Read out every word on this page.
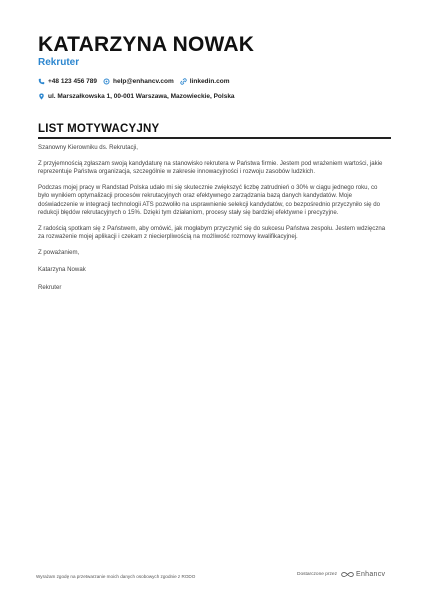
KATARZYNA NOWAK
Rekruter
+48 123 456 789 help@enhancv.com linkedin.com
ul. Marszałkowska 1, 00-001 Warszawa, Mazowieckie, Polska
LIST MOTYWACYJNY

Szanowny Kierowniku ds. Rekrutacji,

Z przyjemnością zgłaszam swoją kandydaturę na stanowisko rekrutera w Państwa firmie. Jestem pod wrażeniem wartości, jakie reprezentuje Państwa organizacja, szczególnie w zakresie innowacyjności i rozwoju zasobów ludzkich.

Podczas mojej pracy w Randstad Polska udało mi się skutecznie zwiększyć liczbę zatrudnień o 30% w ciągu jednego roku, co było wynikiem optymalizacji procesów rekrutacyjnych oraz efektywnego zarządzania bazą danych kandydatów. Moje doświadczenie w integracji technologii ATS pozwoliło na usprawnienie selekcji kandydatów, co bezpośrednio przyczyniło się do redukcji błędów rekrutacyjnych o 15%. Dzięki tym działaniom, procesy stały się bardziej efektywne i precyzyjne.

Z radością spotkam się z Państwem, aby omówić, jak mogłabym przyczynić się do sukcesu Państwa zespołu. Jestem wdzięczna za rozważenie mojej aplikacji i czekam z niecierpliwością na możliwość rozmowy kwalifikacyjnej.

Z poważaniem,

Katarzyna Nowak

Rekruter

Wyrażam zgodę na przetwarzanie moich danych osobowych zgodnie z RODO	Dostarczone przez	Enhancv
